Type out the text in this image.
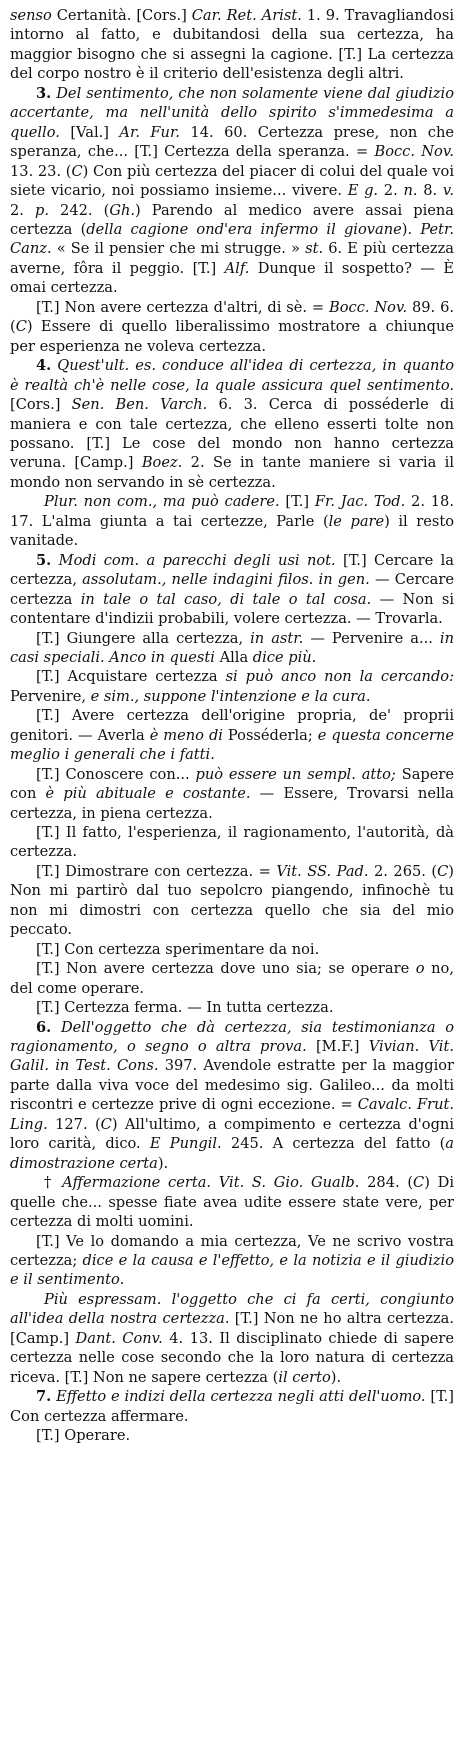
senso Certanità. [Cors.] Car. Ret. Arist. 1. 9. Travagliandosi intorno al fatto, e dubitandosi della sua certezza, ha maggior bisogno che si assegni la cagione. [T.] La certezza del corpo nostro è il criterio dell'esistenza degli altri.

3. Del sentimento, che non solamente viene dal giudizio accertante, ma nell'unità dello spirito s'immedesima a quello. [Val.] Ar. Fur. 14. 60. Certezza prese, non che speranza, che... [T.] Certezza della speranza. = Bocc. Nov. 13. 23. (C) Con più certezza del piacer di colui del quale voi siete vicario, noi possiamo insieme... vivere. E g. 2. n. 8. v. 2. p. 242. (Gh.) Parendo al medico avere assai piena certezza (della cagione ond'era infermo il giovane). Petr. Canz. « Se il pensier che mi strugge. » st. 6. E più certezza averne, fôra il peggio. [T.] Alf. Dunque il sospetto? — È omai certezza.

[T.] Non avere certezza d'altri, di sè. = Bocc. Nov. 89. 6. (C) Essere di quello liberalissimo mostratore a chiunque per esperienza ne voleva certezza.

4. Quest'ult. es. conduce all'idea di certezza, in quanto è realtà ch'è nelle cose, la quale assicura quel sentimento. [Cors.] Sen. Ben. Varch. 6. 3. Cerca di posséderle di maniera e con tale certezza, che elleno esserti tolte non possano. [T.] Le cose del mondo non hanno certezza veruna. [Camp.] Boez. 2. Se in tante maniere si varia il mondo non servando in sè certezza.

Plur. non com., ma può cadere. [T.] Fr. Jac. Tod. 2. 18. 17. L'alma giunta a tai certezze, Parle (le pare) il resto vanitade.

5. Modi com. a parecchi degli usi not. [T.] Cercare la certezza, assolutam., nelle indagini filos. in gen. — Cercare certezza in tale o tal caso, di tale o tal cosa. — Non si contentare d'indizii probabili, volere certezza. — Trovarla.

[T.] Giungere alla certezza, in astr. — Pervenire a... in casi speciali. Anco in questi Alla dice più.

[T.] Acquistare certezza si può anco non la cercando: Pervenire, e sim., suppone l'intenzione e la cura.

[T.] Avere certezza dell'origine propria, de' proprii genitori. — Averla è meno di Posséderla; e questa concerne meglio i generali che i fatti.

[T.] Conoscere con... può essere un sempl. atto; Sapere con è più abituale e costante. — Essere, Trovarsi nella certezza, in piena certezza.

[T.] Il fatto, l'esperienza, il ragionamento, l'autorità, dà certezza.

[T.] Dimostrare con certezza. = Vit. SS. Pad. 2. 265. (C) Non mi partirò dal tuo sepolcro piangendo, infinochè tu non mi dimostri con certezza quello che sia del mio peccato.

[T.] Con certezza sperimentare da noi.

[T.] Non avere certezza dove uno sia; se operare o no, del come operare.

[T.] Certezza ferma. — In tutta certezza.

6. Dell'oggetto che dà certezza, sia testimonianza o ragionamento, o segno o altra prova. [M.F.] Vivian. Vit. Galil. in Test. Cons. 397. Avendole estratte per la maggior parte dalla viva voce del medesimo sig. Galileo... da molti riscontri e certezze prive di ogni eccezione. = Cavalc. Frut. Ling. 127. (C) All'ultimo, a compimento e certezza d'ogni loro carità, dico. E Pungil. 245. A certezza del fatto (a dimostrazione certa).

† Affermazione certa. Vit. S. Gio. Gualb. 284. (C) Di quelle che... spesse fiate avea udite essere state vere, per certezza di molti uomini.

[T.] Ve lo domando a mia certezza, Ve ne scrivo vostra certezza; dice e la causa e l'effetto, e la notizia e il giudizio e il sentimento.

Più espressam. l'oggetto che ci fa certi, congiunto all'idea della nostra certezza. [T.] Non ne ho altra certezza. [Camp.] Dant. Conv. 4. 13. Il disciplinato chiede di sapere certezza nelle cose secondo che la loro natura di certezza riceva. [T.] Non ne sapere certezza (il certo).

7. Effetto e indizi della certezza negli atti dell'uomo. [T.] Con certezza affermare.

[T.] Operare.
